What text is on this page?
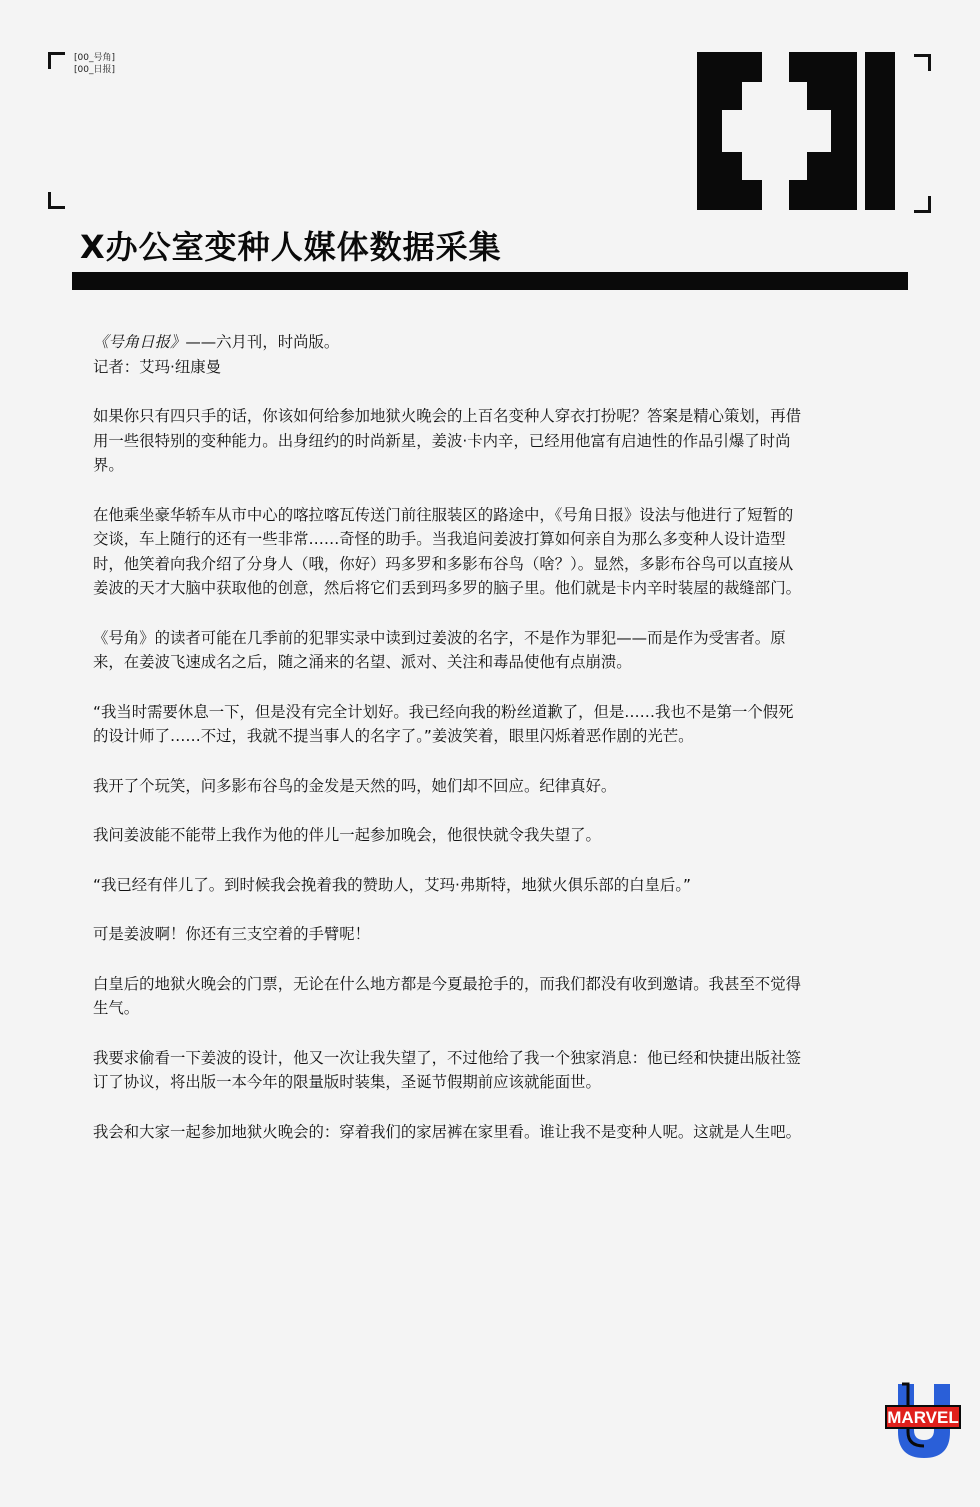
[00_号角]
[00_日报]
X办公室变种人媒体数据采集

《号角日报》——六月刊，时尚版。
记者：艾玛·纽康曼

如果你只有四只手的话，你该如何给参加地狱火晚会的上百名变种人穿衣打扮呢？答案是精心策划，再借用一些很特别的变种能力。出身纽约的时尚新星，姜波·卡内辛，已经用他富有启迪性的作品引爆了时尚界。

在他乘坐豪华轿车从市中心的喀拉喀瓦传送门前往服装区的路途中，《号角日报》设法与他进行了短暂的交谈，车上随行的还有一些非常……奇怪的助手。当我追问姜波打算如何亲自为那么多变种人设计造型时，他笑着向我介绍了分身人（哦，你好）玛多罗和多影布谷鸟（啥？）。显然，多影布谷鸟可以直接从姜波的天才大脑中获取他的创意，然后将它们丢到玛多罗的脑子里。他们就是卡内辛时装屋的裁缝部门。

《号角》的读者可能在几季前的犯罪实录中读到过姜波的名字，不是作为罪犯——而是作为受害者。原来，在姜波飞速成名之后，随之涌来的名望、派对、关注和毒品使他有点崩溃。

“我当时需要休息一下，但是没有完全计划好。我已经向我的粉丝道歉了，但是……我也不是第一个假死的设计师了……不过，我就不提当事人的名字了。”姜波笑着，眼里闪烁着恶作剧的光芒。

我开了个玩笑，问多影布谷鸟的金发是天然的吗，她们却不回应。纪律真好。

我问姜波能不能带上我作为他的伴儿一起参加晚会，他很快就令我失望了。

“我已经有伴儿了。到时候我会挽着我的赞助人，艾玛·弗斯特，地狱火俱乐部的白皇后。”

可是姜波啊！你还有三支空着的手臂呢！

白皇后的地狱火晚会的门票，无论在什么地方都是今夏最抢手的，而我们都没有收到邀请。我甚至不觉得生气。

我要求偷看一下姜波的设计，他又一次让我失望了，不过他给了我一个独家消息：他已经和快捷出版社签订了协议，将出版一本今年的限量版时装集，圣诞节假期前应该就能面世。

我会和大家一起参加地狱火晚会的：穿着我们的家居裤在家里看。谁让我不是变种人呢。这就是人生吧。

MARVEL
